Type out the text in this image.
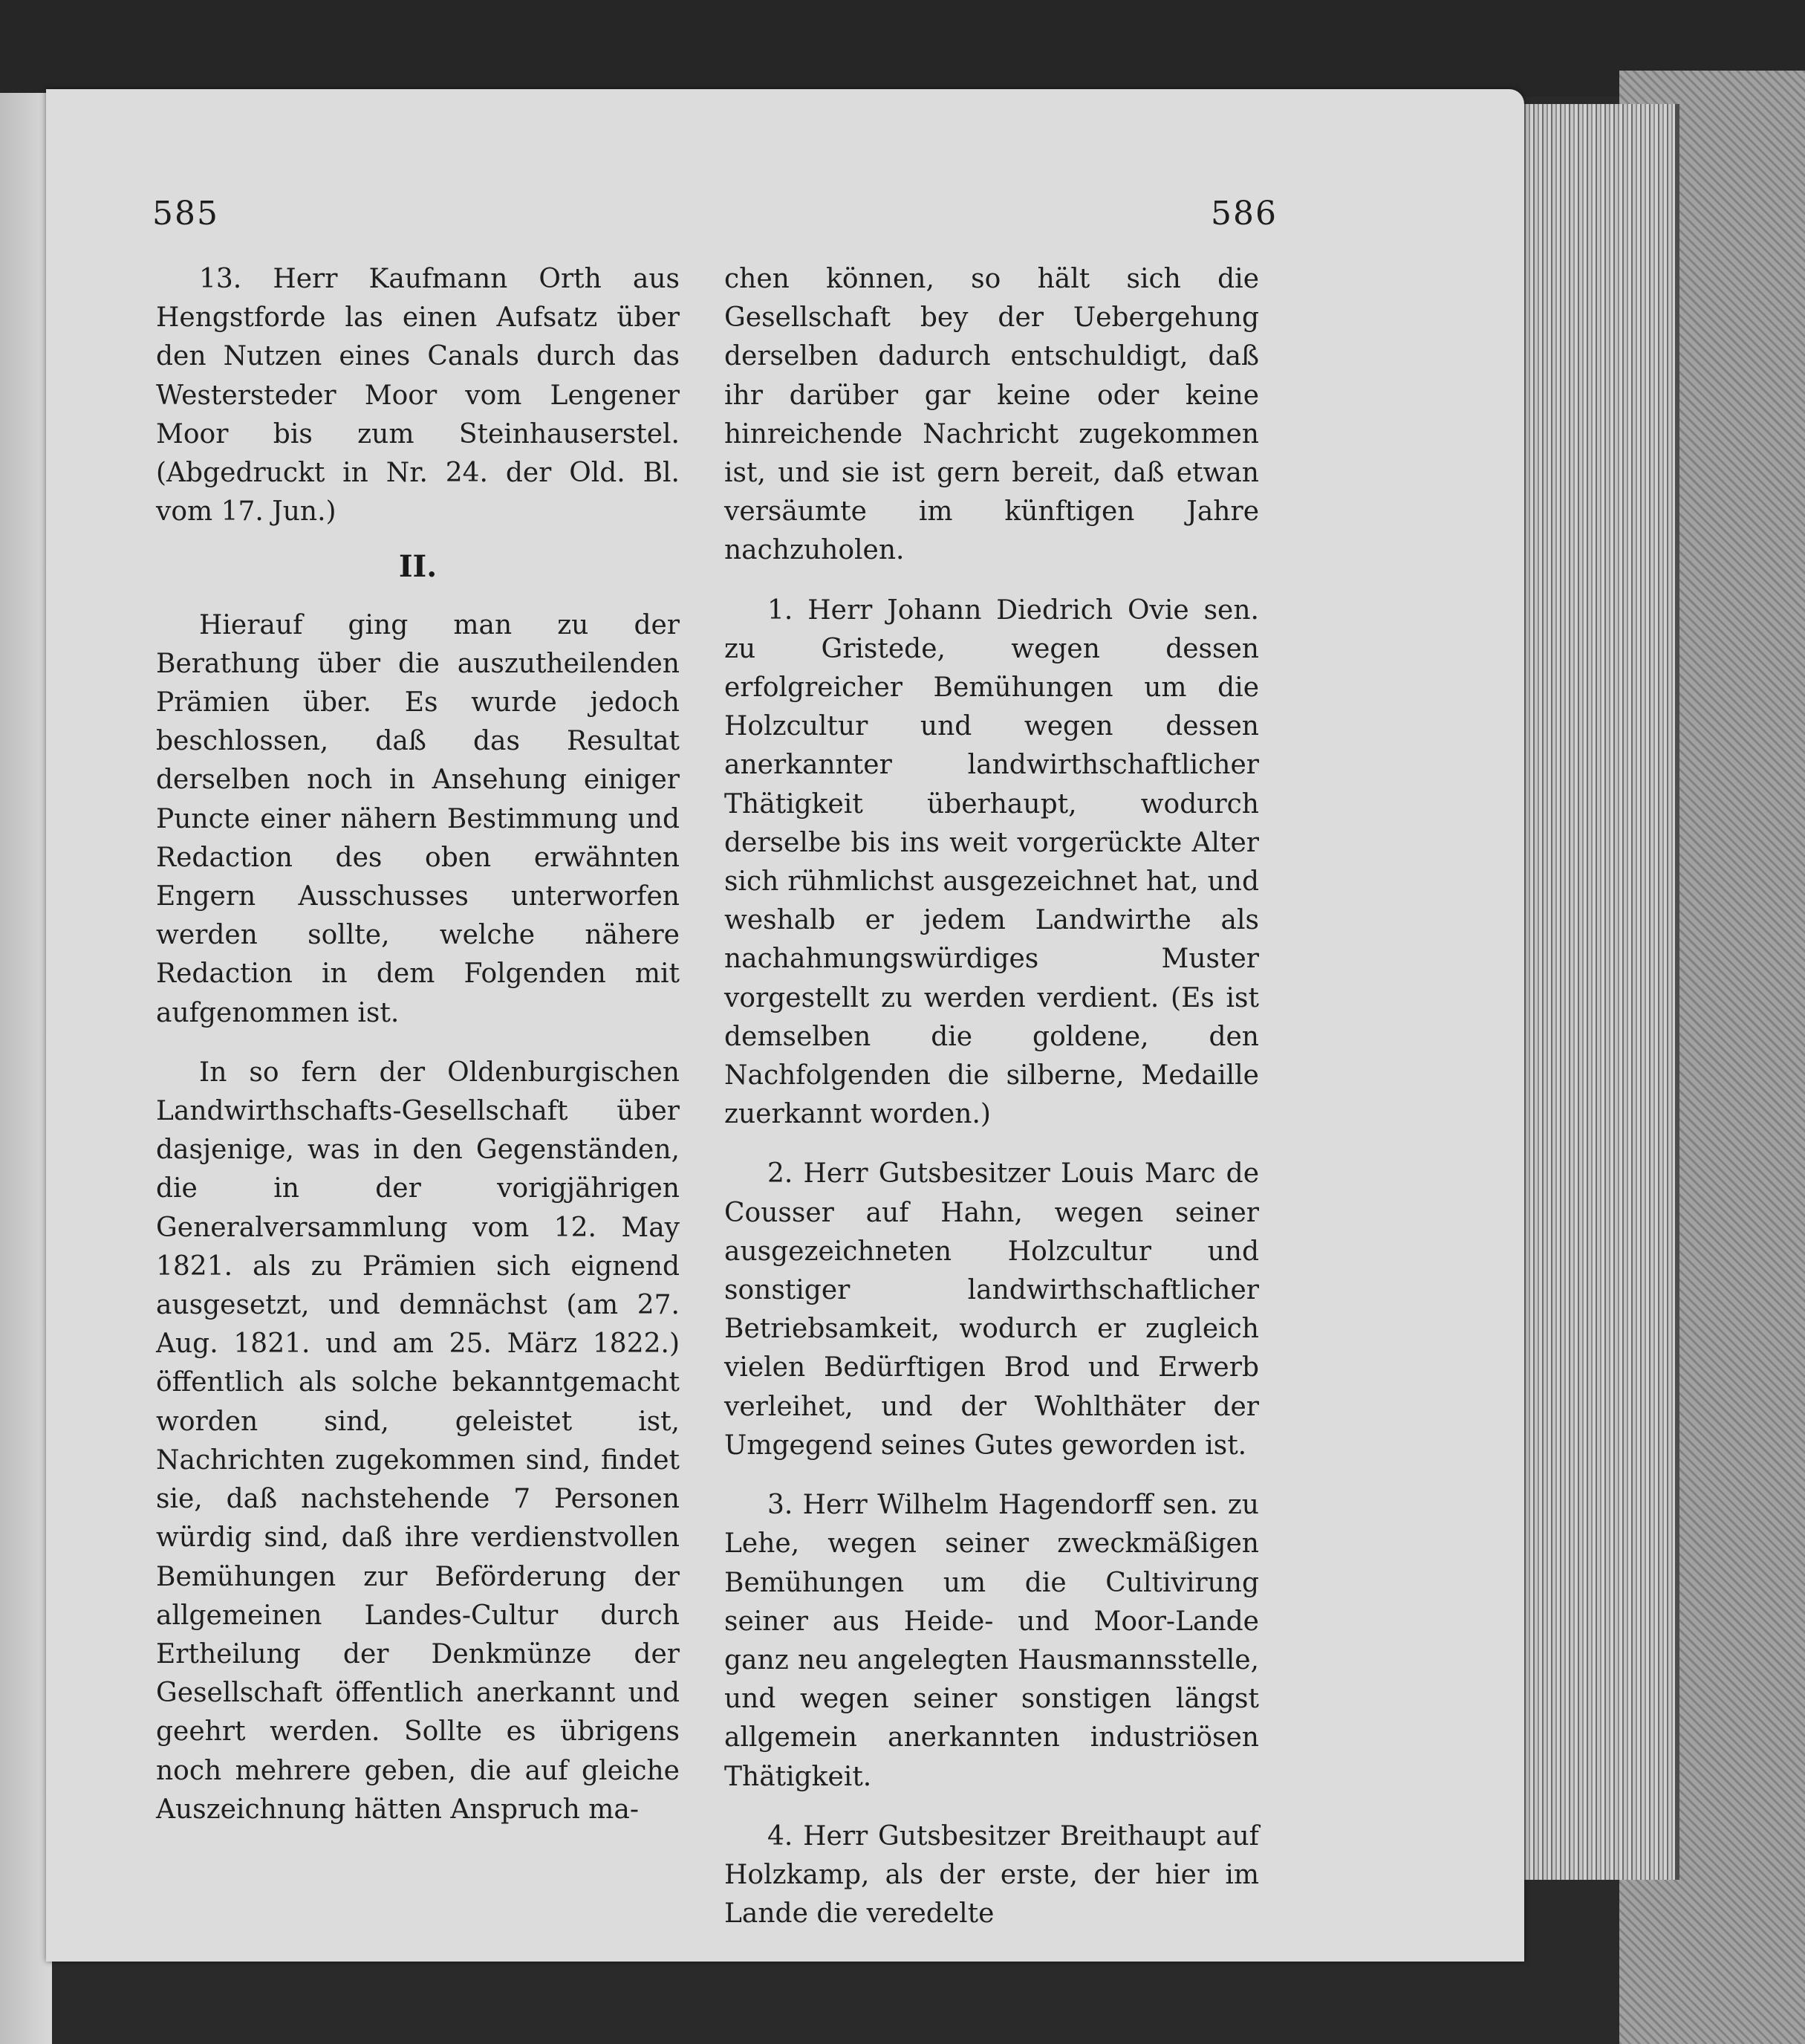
585	586

13. Herr Kaufmann Orth aus Hengstforde las einen Aufsatz über den Nutzen eines Canals durch das Westersteder Moor vom Lengener Moor bis zum Steinhauserstel. (Abgedruckt in Nr. 24. der Old. Bl. vom 17. Jun.)

II.

Hierauf ging man zu der Berathung über die auszutheilenden Prämien über. Es wurde jedoch beschlossen, daß das Resultat derselben noch in Ansehung einiger Puncte einer nähern Bestimmung und Redaction des oben erwähnten Engern Ausschusses unterworfen werden sollte, welche nähere Redaction in dem Folgenden mit aufgenommen ist.

In so fern der Oldenburgischen Landwirthschafts-Gesellschaft über dasjenige, was in den Gegenständen, die in der vorigjährigen Generalversammlung vom 12. May 1821. als zu Prämien sich eignend ausgesetzt, und demnächst (am 27. Aug. 1821. und am 25. März 1822.) öffentlich als solche bekanntgemacht worden sind, geleistet ist, Nachrichten zugekommen sind, findet sie, daß nachstehende 7 Personen würdig sind, daß ihre verdienstvollen Bemühungen zur Beförderung der allgemeinen Landes-Cultur durch Ertheilung der Denkmünze der Gesellschaft öffentlich anerkannt und geehrt werden. Sollte es übrigens noch mehrere geben, die auf gleiche Auszeichnung hätten Anspruch ma-

chen können, so hält sich die Gesellschaft bey der Uebergehung derselben dadurch entschuldigt, daß ihr darüber gar keine oder keine hinreichende Nachricht zugekommen ist, und sie ist gern bereit, daß etwan versäumte im künftigen Jahre nachzuholen.

1. Herr Johann Diedrich Ovie sen. zu Gristede, wegen dessen erfolgreicher Bemühungen um die Holzcultur und wegen dessen anerkannter landwirthschaftlicher Thätigkeit überhaupt, wodurch derselbe bis ins weit vorgerückte Alter sich rühmlichst ausgezeichnet hat, und weshalb er jedem Landwirthe als nachahmungswürdiges Muster vorgestellt zu werden verdient. (Es ist demselben die goldene, den Nachfolgenden die silberne, Medaille zuerkannt worden.)

2. Herr Gutsbesitzer Louis Marc de Cousser auf Hahn, wegen seiner ausgezeichneten Holzcultur und sonstiger landwirthschaftlicher Betriebsamkeit, wodurch er zugleich vielen Bedürftigen Brod und Erwerb verleihet, und der Wohlthäter der Umgegend seines Gutes geworden ist.

3. Herr Wilhelm Hagendorff sen. zu Lehe, wegen seiner zweckmäßigen Bemühungen um die Cultivirung seiner aus Heide- und Moor-Lande ganz neu angelegten Hausmannsstelle, und wegen seiner sonstigen längst allgemein anerkannten industriösen Thätigkeit.

4. Herr Gutsbesitzer Breithaupt auf Holzkamp, als der erste, der hier im Lande die veredelte
